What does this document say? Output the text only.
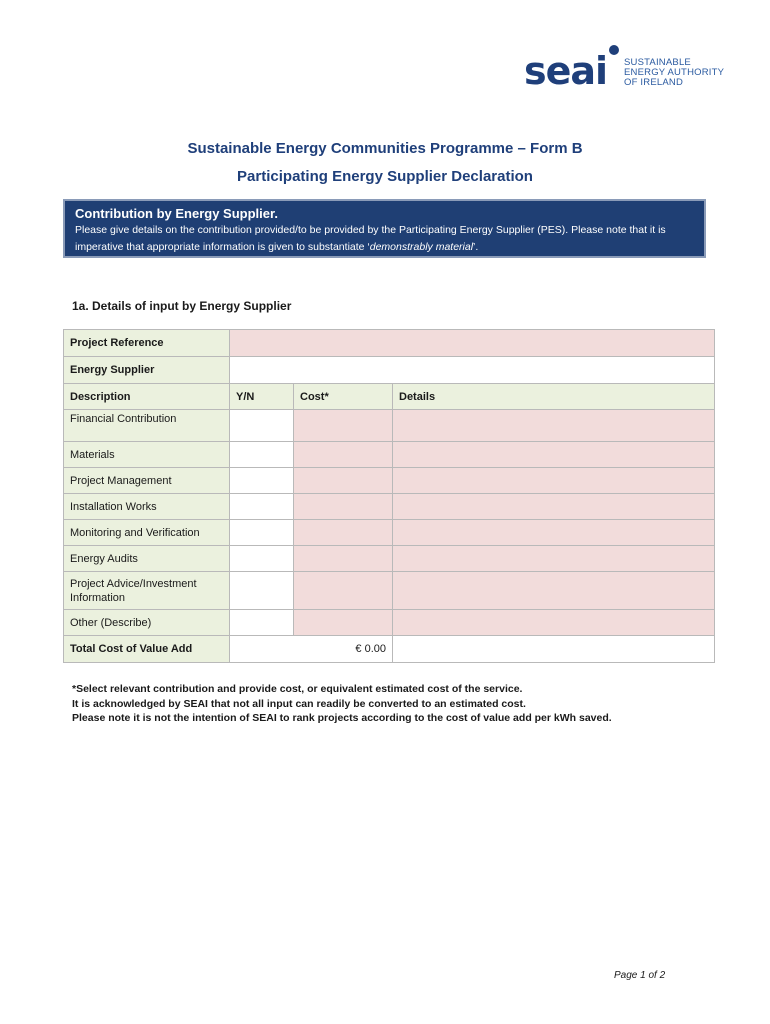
seai SUSTAINABLE
ENERGY AUTHORITY
OF IRELAND
Sustainable Energy Communities Programme – Form B
Participating Energy Supplier Declaration
Contribution by Energy Supplier.
Please give details on the contribution provided/to be provided by the Participating Energy Supplier (PES). Please note that it is imperative that appropriate information is given to substantiate ‘demonstrably material’.
1a. Details of input by Energy Supplier
Project Reference			
Energy Supplier			
Description	Y/N	Cost*	Details
Financial Contribution			
Materials			
Project Management			
Installation Works			
Monitoring and Verification			
Energy Audits			
Project Advice/Investment Information			
Other (Describe)			
Total Cost of Value Add	€ 0.00		
*Select relevant contribution and provide cost, or equivalent estimated cost of the service.
It is acknowledged by SEAI that not all input can readily be converted to an estimated cost.
Please note it is not the intention of SEAI to rank projects according to the cost of value add per kWh saved.
Page 1 of 2
